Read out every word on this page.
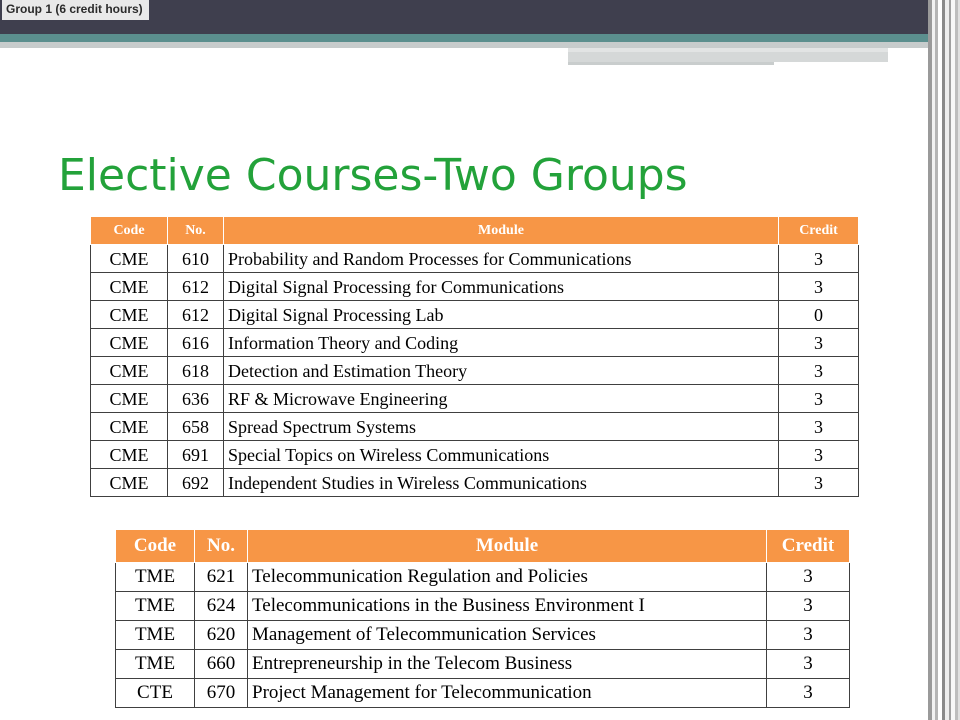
Group 1 (6 credit hours)
Elective Courses-Two Groups
Code	No.	Module	Credit
CME	610	Probability and Random Processes for Communications	3
CME	612	Digital Signal Processing for Communications	3
CME	612	Digital Signal Processing Lab	0
CME	616	Information Theory and Coding	3
CME	618	Detection and Estimation Theory	3
CME	636	RF & Microwave Engineering	3
CME	658	Spread Spectrum Systems	3
CME	691	Special Topics on Wireless Communications	3
CME	692	Independent Studies in Wireless Communications	3
Code	No.	Module	Credit
TME	621	Telecommunication Regulation and Policies	3
TME	624	Telecommunications in the Business Environment I	3
TME	620	Management of Telecommunication Services	3
TME	660	Entrepreneurship in the Telecom Business	3
CTE	670	Project Management for Telecommunication	3
